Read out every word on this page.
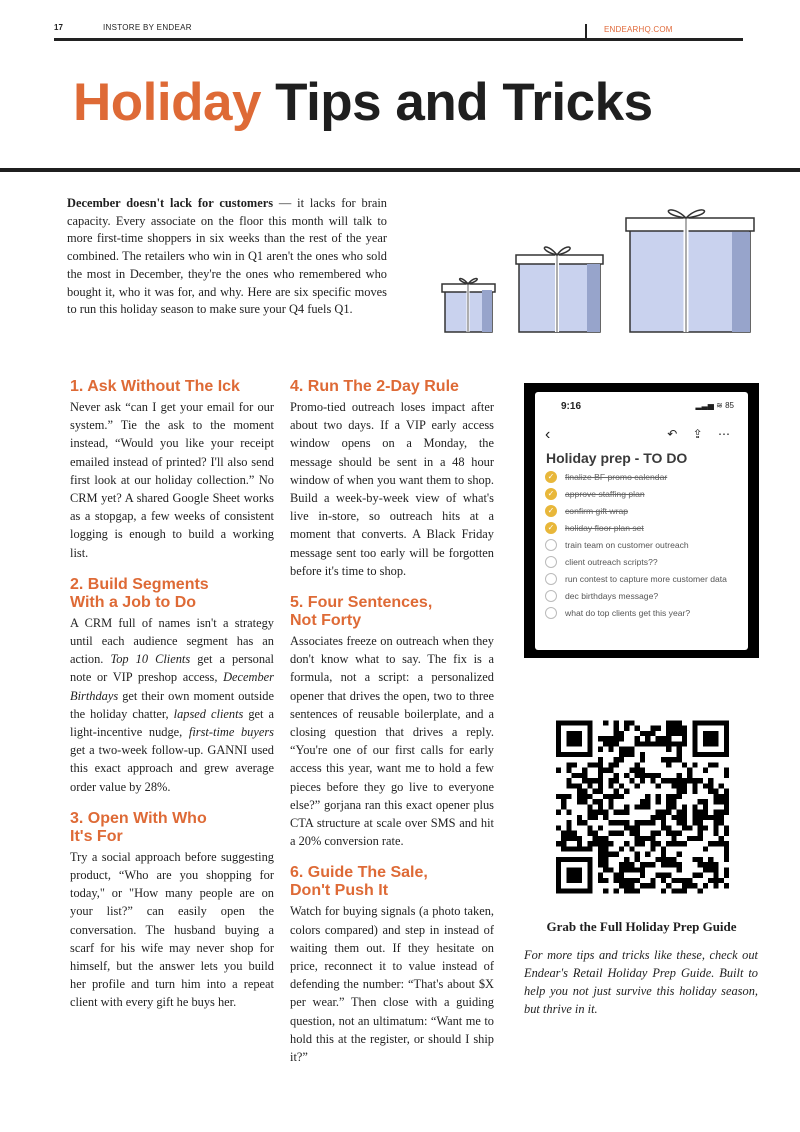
17	INSTORE BY ENDEAR	ENDEARHQ.COM
Holiday Tips and Tricks

December doesn't lack for customers — it lacks for brain capacity. Every associate on the floor this month will talk to more first-time shoppers in six weeks than the rest of the year combined. The retailers who win in Q1 aren't the ones who sold the most in December, they're the ones who remembered who bought it, who it was for, and why. Here are six specific moves to run this holiday season to make sure your Q4 fuels Q1.

1. Ask Without The Ick

Never ask “can I get your email for our system.” Tie the ask to the moment instead, “Would you like your receipt emailed instead of printed? I'll also send first look at our holiday collection.” No CRM yet? A shared Google Sheet works as a stopgap, a few weeks of consistent logging is enough to build a working list.

2. Build Segments
With a Job to Do

A CRM full of names isn't a strategy until each audience segment has an action. Top 10 Clients get a personal note or VIP preshop access, December Birthdays get their own moment outside the holiday chatter, lapsed clients get a light-incentive nudge, first-time buyers get a two-week follow-up. GANNI used this exact approach and grew average order value by 28%.

3. Open With Who
It's For

Try a social approach before suggesting product, “Who are you shopping for today," or "How many people are on your list?” can easily open the conversation. The husband buying a scarf for his wife may never shop for himself, but the answer lets you build her profile and turn him into a repeat client with every gift he buys her.

4. Run The 2-Day Rule

Promo-tied outreach loses impact after about two days. If a VIP early access window opens on a Monday, the message should be sent in a 48 hour window of when you want them to shop. Build a week-by-week view of what's live in-store, so outreach hits at a moment that converts. A Black Friday message sent too early will be forgotten before it's time to shop.

5. Four Sentences,
Not Forty

Associates freeze on outreach when they don't know what to say. The fix is a formula, not a script: a personalized opener that drives the open, two to three sentences of reusable boilerplate, and a closing question that drives a reply. “You're one of our first calls for early access this year, want me to hold a few pieces before they go live to everyone else?” gorjana ran this exact opener plus CTA structure at scale over SMS and hit a 20% conversion rate.

6. Guide The Sale,
Don't Push It

Watch for buying signals (a photo taken, colors compared) and step in instead of waiting them out. If they hesitate on price, reconnect it to value instead of defending the number: “That's about $X per wear.” Then close with a guiding question, not an ultimatum: “Want me to hold this at the register, or should I ship it?”

9:16	▂▃▅ ≋ 85
‹	↶ ⇪ ⋯

Holiday prep - TO DO

✓	finalize BF promo calendar
✓	approve staffing plan
✓	confirm gift wrap
✓	holiday floor plan set
train team on customer outreach
client outreach scripts??
run contest to capture more customer data
dec birthdays message?
what do top clients get this year?

Grab the Full Holiday Prep Guide

For more tips and tricks like these, check out Endear's Retail Holiday Prep Guide. Built to help you not just survive this holiday season, but thrive in it.
